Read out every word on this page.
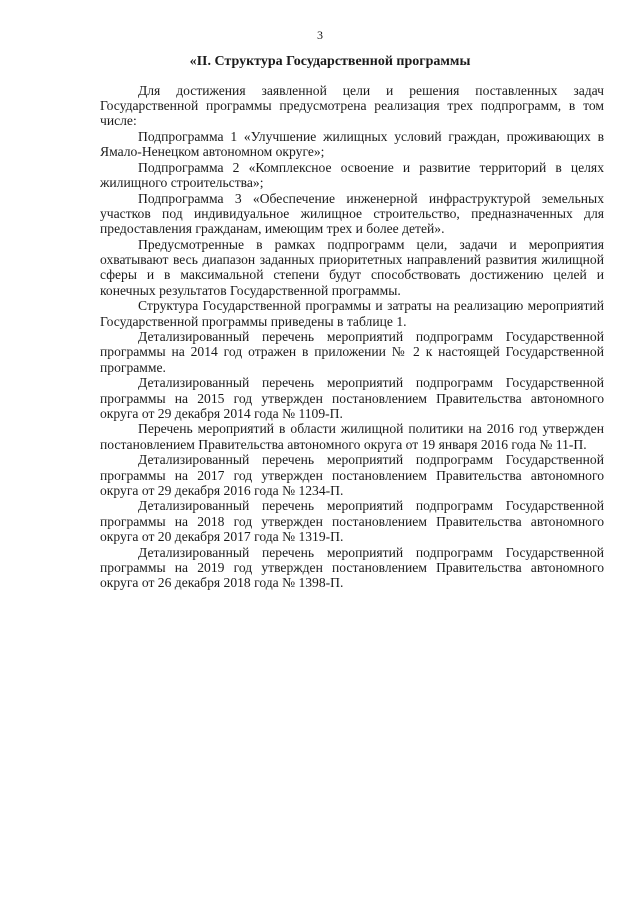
3
«II. Структура Государственной программы

Для достижения заявленной цели и решения поставленных задач Государственной программы предусмотрена реализация трех подпрограмм, в том числе:

Подпрограмма 1 «Улучшение жилищных условий граждан, проживающих в Ямало-Ненецком автономном округе»;

Подпрограмма 2 «Комплексное освоение и развитие территорий в целях жилищного строительства»;

Подпрограмма 3 «Обеспечение инженерной инфраструктурой земельных участков под индивидуальное жилищное строительство, предназначенных для предоставления гражданам, имеющим трех и более детей».

Предусмотренные в рамках подпрограмм цели, задачи и мероприятия охватывают весь диапазон заданных приоритетных направлений развития жилищной сферы и в максимальной степени будут способствовать достижению целей и конечных результатов Государственной программы.

Структура Государственной программы и затраты на реализацию мероприятий Государственной программы приведены в таблице 1.

Детализированный перечень мероприятий подпрограмм Государственной программы на 2014 год отражен в приложении № 2 к настоящей Государственной программе.

Детализированный перечень мероприятий подпрограмм Государственной программы на 2015 год утвержден постановлением Правительства автономного округа от 29 декабря 2014 года № 1109-П.

Перечень мероприятий в области жилищной политики на 2016 год утвержден постановлением Правительства автономного округа от 19 января 2016 года № 11-П.

Детализированный перечень мероприятий подпрограмм Государственной программы на 2017 год утвержден постановлением Правительства автономного округа от 29 декабря 2016 года № 1234-П.

Детализированный перечень мероприятий подпрограмм Государственной программы на 2018 год утвержден постановлением Правительства автономного округа от 20 декабря 2017 года № 1319-П.

Детализированный перечень мероприятий подпрограмм Государственной программы на 2019 год утвержден постановлением Правительства автономного округа от 26 декабря 2018 года № 1398-П.
